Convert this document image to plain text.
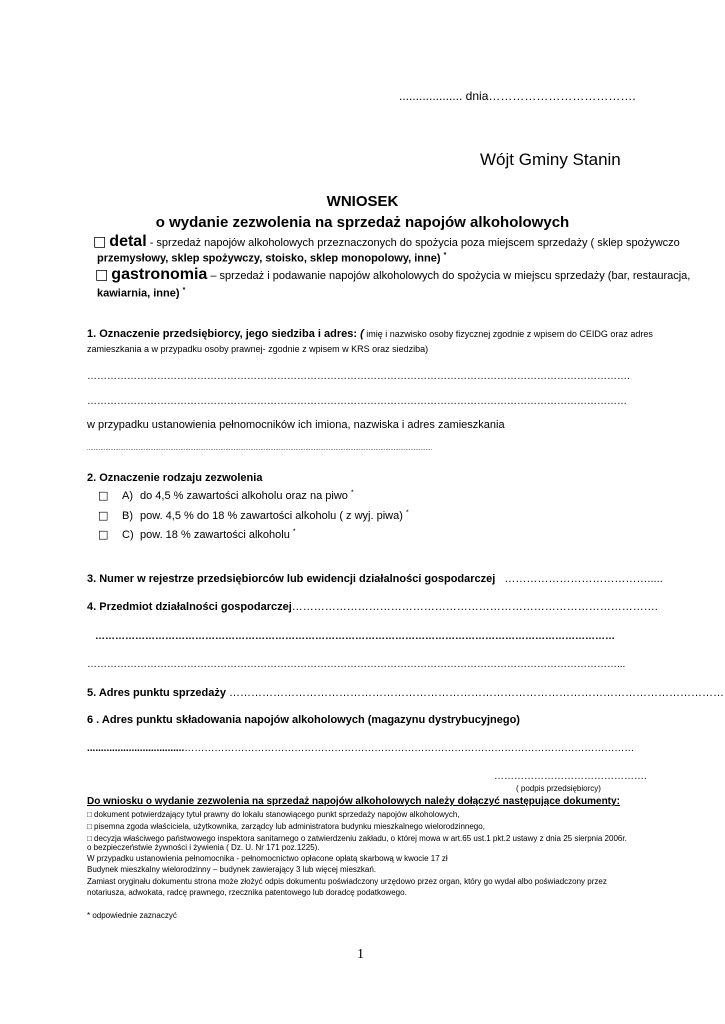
................... dnia……………………………….
Wójt Gminy Stanin
WNIOSEK
o wydanie zezwolenia na sprzedaż napojów alkoholowych
□ detal - sprzedaż napojów alkoholowych przeznaczonych do spożycia poza miejscem sprzedaży ( sklep spożywczo
przemysłowy, sklep spożywczy, stoisko, sklep monopolowy, inne) *
□ gastronomia – sprzedaż i podawanie napojów alkoholowych do spożycia w miejscu sprzedaży (bar, restauracja,
kawiarnia, inne) *
1. Oznaczenie przedsiębiorcy, jego siedziba i adres: ( imię i nazwisko osoby fizycznej zgodnie z wpisem do CEIDG oraz adres
zamieszkania a w przypadku osoby prawnej- zgodnie z wpisem w KRS oraz siedziba)
……………………………………………………………………………………………………………………………………………….
………………………………………………………………………………………………………………………………………………
w przypadku ustanowienia pełnomocników ich imiona, nazwiska i adres zamieszkania
...............................................................................................................................................................................................................
2. Oznaczenie rodzaju zezwolenia
□ A) do 4,5 % zawartości alkoholu oraz na piwo *
□ B) pow. 4,5 % do 18 % zawartości alkoholu ( z wyj. piwa) *
□ C) pow. 18 % zawartości alkoholu *
3. Numer w rejestrze przedsiębiorców lub ewidencji działalności gospodarczej ………………………………….....
4. Przedmiot działalności gospodarczej……………………………………………………………………………………….
…………………………………………………………………………………………………………………………………………
……………………………………………………………………………………………………………………………………………...
5. Adres punktu sprzedaży ………………………………………………………………………………………………………………………
6 . Adres punktu składowania napojów alkoholowych (magazynu dystrybucyjnego)
...................................………………………………………………………………………………………………………………………
……………………………………….
( podpis przedsiębiorcy)
Do wniosku o wydanie zezwolenia na sprzedaż napojów alkoholowych należy dołączyć następujące dokumenty:
□ dokument potwierdzający tytuł prawny do lokalu stanowiącego punkt sprzedaży napojów alkoholowych,
□ pisemna zgoda właściciela, użytkownika, zarządcy lub administratora budynku mieszkalnego wielorodzinnego,
□ decyzja właściwego państwowego inspektora sanitarnego o zatwierdzeniu zakładu, o której mowa w art.65 ust.1 pkt.2 ustawy z dnia 25 sierpnia 2006r.
o bezpieczeństwie żywności i żywienia ( Dz. U. Nr 171 poz.1225).
W przypadku ustanowienia pełnomocnika - pełnomocnictwo opłacone opłatą skarbową w kwocie 17 zł
Budynek mieszkalny wielorodzinny – budynek zawierający 3 lub więcej mieszkań.
Zamiast oryginału dokumentu strona może złożyć odpis dokumentu poświadczony urzędowo przez organ, który go wydał albo poświadczony przez
notariusza, adwokata, radcę prawnego, rzecznika patentowego lub doradcę podatkowego.
* odpowiednie zaznaczyć
1
